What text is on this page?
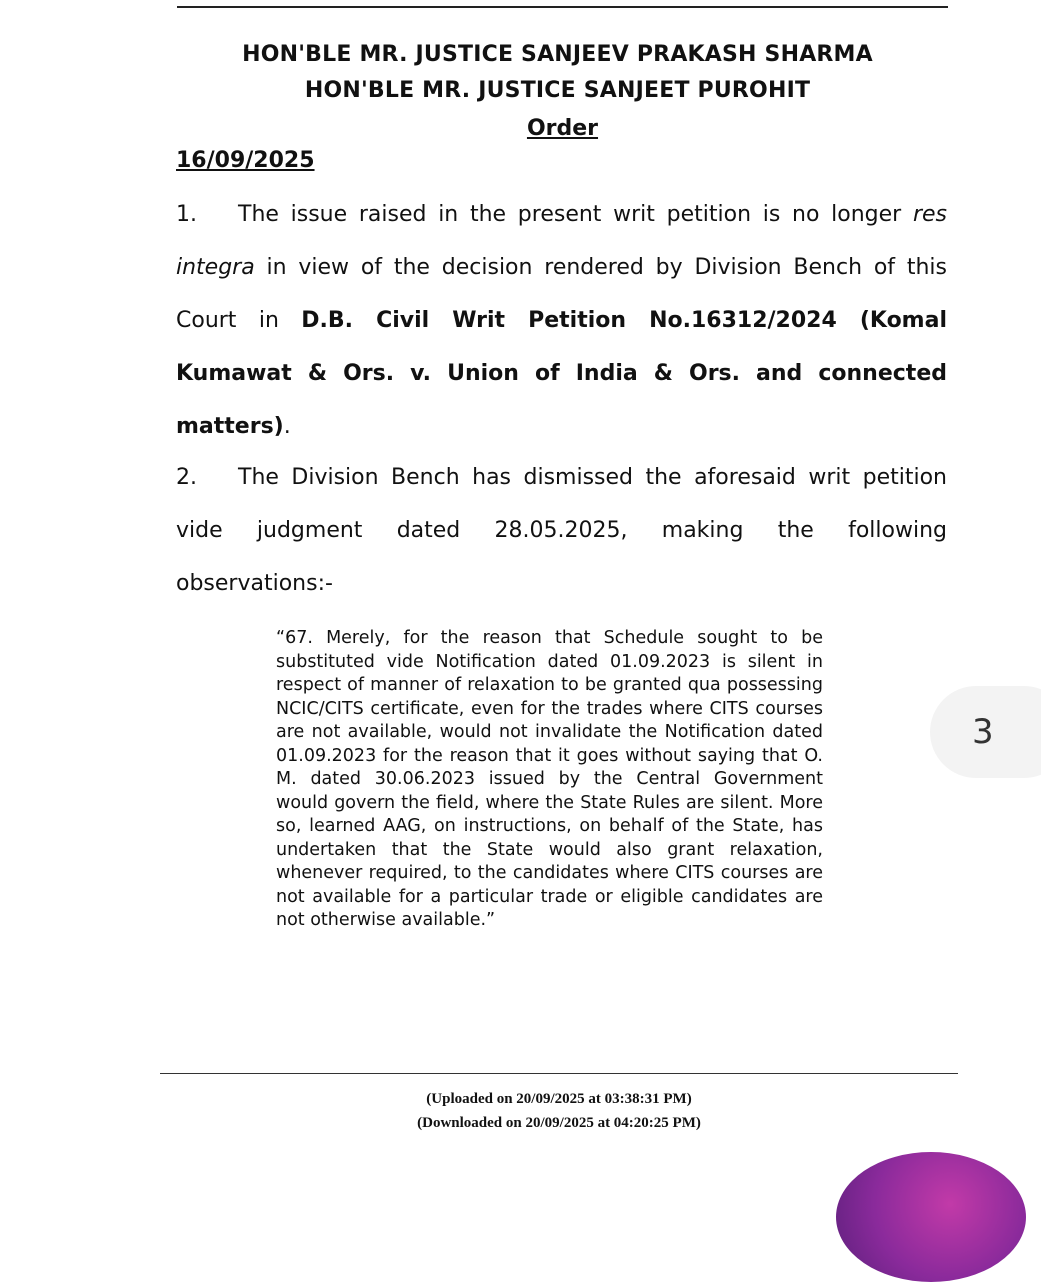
HON'BLE MR. JUSTICE SANJEEV PRAKASH SHARMA
HON'BLE MR. JUSTICE SANJEET PUROHIT
Order
16/09/2025

1. The issue raised in the present writ petition is no longer res integra in view of the decision rendered by Division Bench of this Court in D.B. Civil Writ Petition No.16312/2024 (Komal Kumawat & Ors. v. Union of India & Ors. and connected matters).

2. The Division Bench has dismissed the aforesaid writ petition vide judgment dated 28.05.2025, making the following observations:-

“67. Merely, for the reason that Schedule sought to be substituted vide Notification dated 01.09.2023 is silent in respect of manner of relaxation to be granted qua possessing NCIC/CITS certificate, even for the trades where CITS courses are not available, would not invalidate the Notification dated 01.09.2023 for the reason that it goes without saying that O. M. dated 30.06.2023 issued by the Central Government would govern the field, where the State Rules are silent. More so, learned AAG, on instructions, on behalf of the State, has undertaken that the State would also grant relaxation, whenever required, to the candidates where CITS courses are not available for a particular trade or eligible candidates are not otherwise available.”

(Uploaded on 20/09/2025 at 03:38:31 PM)
(Downloaded on 20/09/2025 at 04:20:25 PM)
3
